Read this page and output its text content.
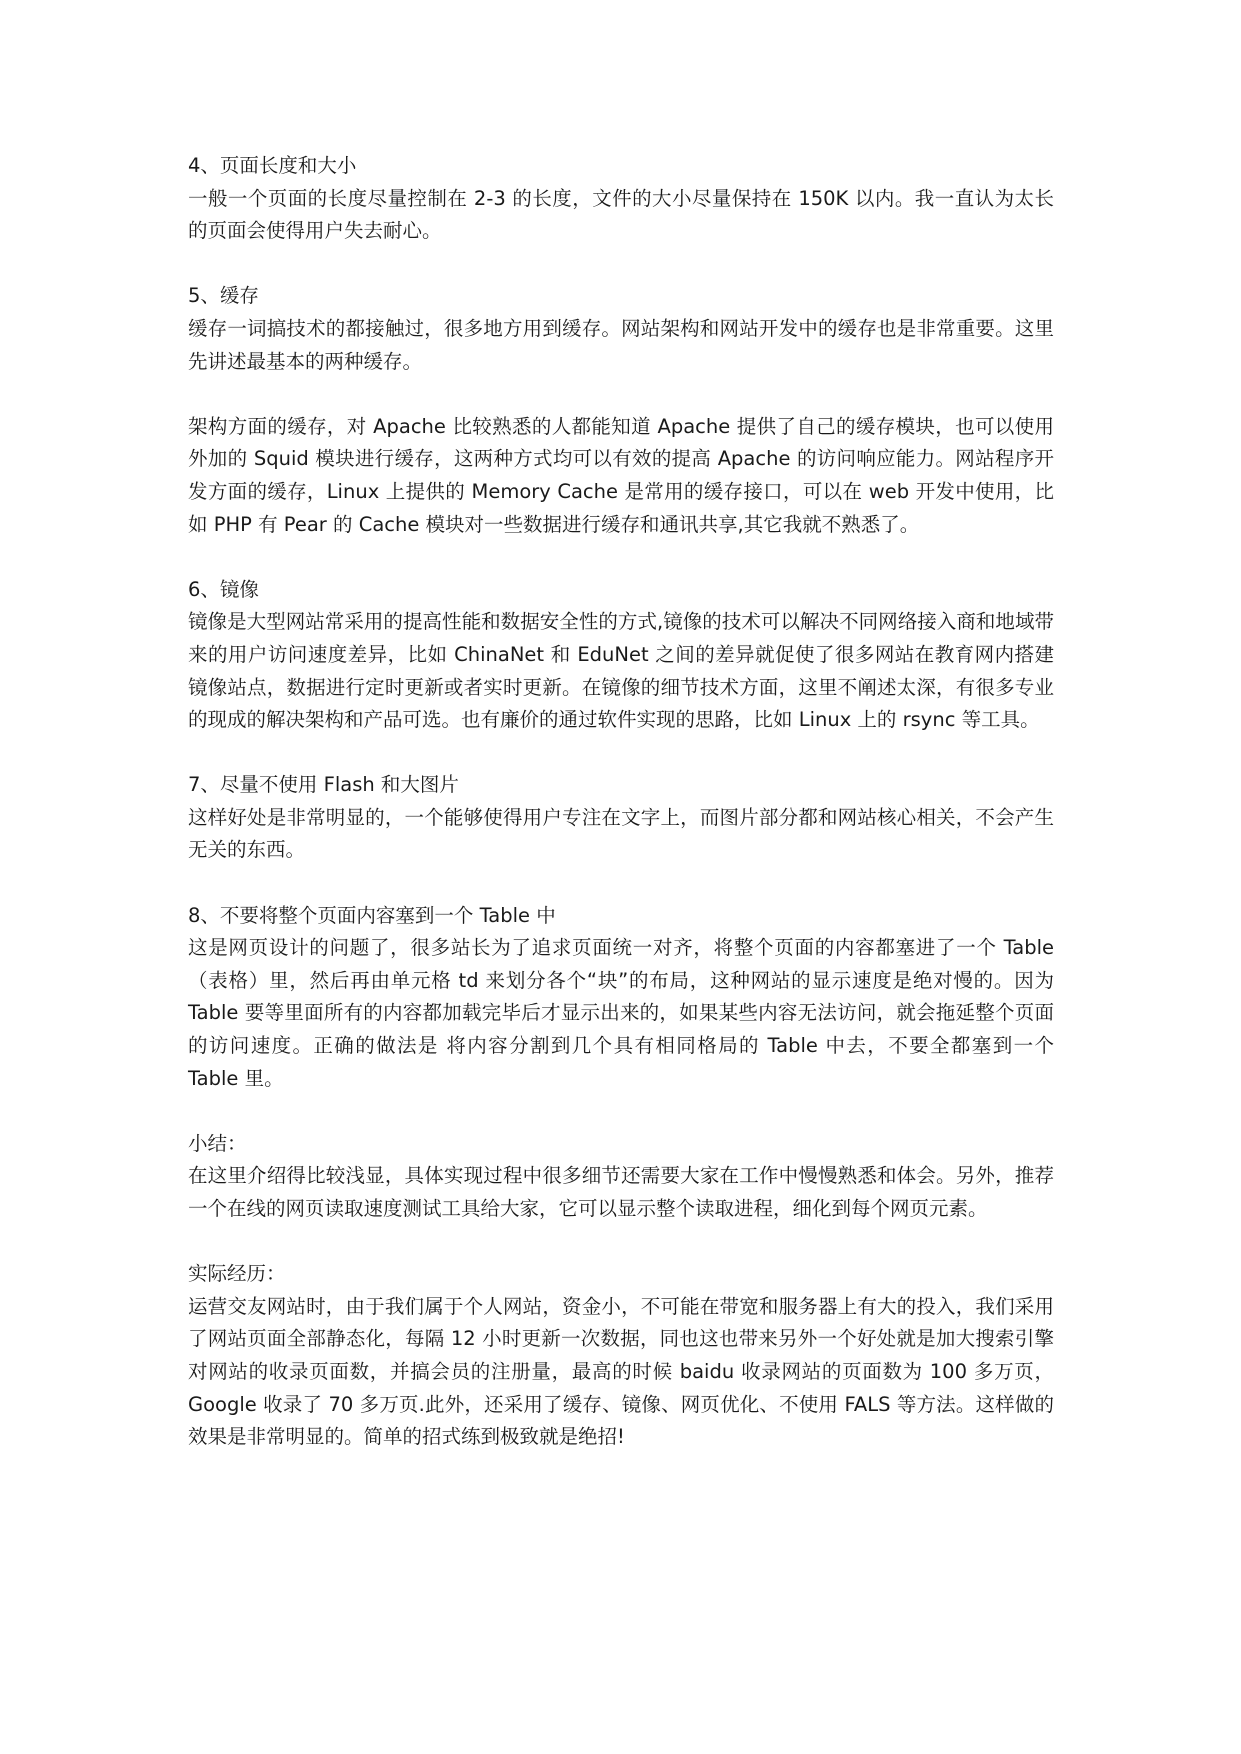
4、页面长度和大小

一般一个页面的长度尽量控制在 2-3 的长度，文件的大小尽量保持在 150K 以内。我一直认为太长的页面会使得用户失去耐心。

5、缓存

缓存一词搞技术的都接触过，很多地方用到缓存。网站架构和网站开发中的缓存也是非常重要。这里先讲述最基本的两种缓存。

架构方面的缓存，对 Apache 比较熟悉的人都能知道 Apache 提供了自己的缓存模块，也可以使用外加的 Squid 模块进行缓存，这两种方式均可以有效的提高 Apache 的访问响应能力。网站程序开发方面的缓存，Linux 上提供的 Memory Cache 是常用的缓存接口，可以在 web 开发中使用，比如 PHP 有 Pear 的 Cache 模块对一些数据进行缓存和通讯共享,其它我就不熟悉了。

6、镜像

镜像是大型网站常采用的提高性能和数据安全性的方式,镜像的技术可以解决不同网络接入商和地域带来的用户访问速度差异，比如 ChinaNet 和 EduNet 之间的差异就促使了很多网站在教育网内搭建镜像站点，数据进行定时更新或者实时更新。在镜像的细节技术方面，这里不阐述太深，有很多专业的现成的解决架构和产品可选。也有廉价的通过软件实现的思路，比如 Linux 上的 rsync 等工具。

7、尽量不使用 Flash 和大图片

这样好处是非常明显的，一个能够使得用户专注在文字上，而图片部分都和网站核心相关，不会产生无关的东西。

8、不要将整个页面内容塞到一个 Table 中

这是网页设计的问题了，很多站长为了追求页面统一对齐，将整个页面的内容都塞进了一个 Table（表格）里，然后再由单元格 td 来划分各个“块”的布局，这种网站的显示速度是绝对慢的。因为 Table 要等里面所有的内容都加载完毕后才显示出来的，如果某些内容无法访问，就会拖延整个页面的访问速度。正确的做法是 将内容分割到几个具有相同格局的 Table 中去，不要全都塞到一个 Table 里。

小结：

在这里介绍得比较浅显，具体实现过程中很多细节还需要大家在工作中慢慢熟悉和体会。另外，推荐一个在线的网页读取速度测试工具给大家，它可以显示整个读取进程，细化到每个网页元素。

实际经历：

运营交友网站时，由于我们属于个人网站，资金小，不可能在带宽和服务器上有大的投入，我们采用了网站页面全部静态化，每隔 12 小时更新一次数据，同也这也带来另外一个好处就是加大搜索引擎对网站的收录页面数，并搞会员的注册量，最高的时候 baidu 收录网站的页面数为 100 多万页，Google 收录了 70 多万页.此外，还采用了缓存、镜像、网页优化、不使用 FALS 等方法。这样做的效果是非常明显的。简单的招式练到极致就是绝招!
